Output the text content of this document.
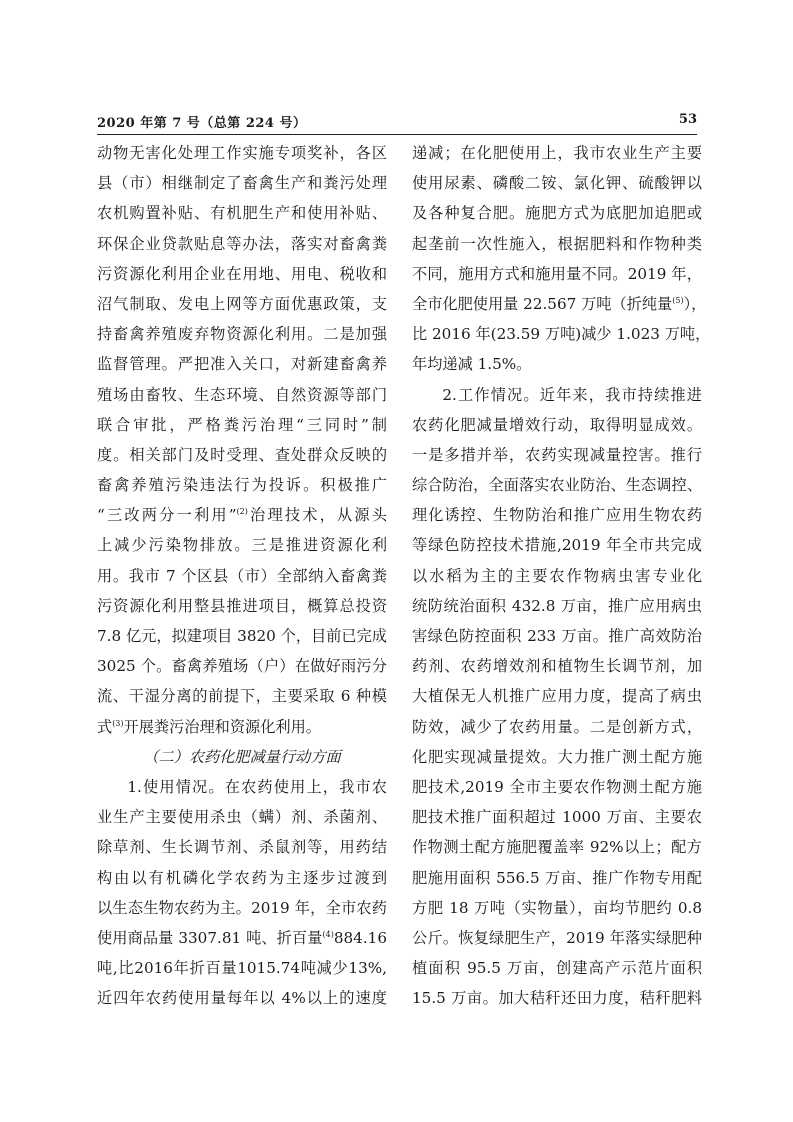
2020 年第 7 号（总第 224 号）	53
动物无害化处理工作实施专项奖补，各区
县（市）相继制定了畜禽生产和粪污处理
农机购置补贴、有机肥生产和使用补贴、
环保企业贷款贴息等办法，落实对畜禽粪
污资源化利用企业在用地、用电、税收和
沼气制取、发电上网等方面优惠政策，支
持畜禽养殖废弃物资源化利用。二是加强
监督管理。严把准入关口，对新建畜禽养
殖场由畜牧、生态环境、自然资源等部门
联合审批，严格粪污治理“三同时”制
度。相关部门及时受理、查处群众反映的
畜禽养殖污染违法行为投诉。积极推广
“三改两分一利用”$^{(2)}$治理技术，从源头
上减少污染物排放。三是推进资源化利
用。我市 7 个区县（市）全部纳入畜禽粪
污资源化利用整县推进项目，概算总投资
7.8 亿元，拟建项目 3820 个，目前已完成
3025 个。畜禽养殖场（户）在做好雨污分
流、干湿分离的前提下，主要采取 6 种模
式$^{(3)}$开展粪污治理和资源化利用。
（二）农药化肥减量行动方面
1.使用情况。在农药使用上，我市农
业生产主要使用杀虫（螨）剂、杀菌剂、
除草剂、生长调节剂、杀鼠剂等，用药结
构由以有机磷化学农药为主逐步过渡到
以生态生物农药为主。2019 年，全市农药
使用商品量 3307.81 吨、折百量$^{(4)}$884.16
吨,比2016年折百量1015.74吨减少13%,
近四年农药使用量每年以 4%以上的速度
递减；在化肥使用上，我市农业生产主要
使用尿素、磷酸二铵、氯化钾、硫酸钾以
及各种复合肥。施肥方式为底肥加追肥或
起垄前一次性施入，根据肥料和作物种类
不同，施用方式和施用量不同。2019 年，
全市化肥使用量 22.567 万吨（折纯量$^{(5)}$），
比 2016 年(23.59 万吨)减少 1.023 万吨，
年均递减 1.5%。
2.工作情况。近年来，我市持续推进
农药化肥减量增效行动，取得明显成效。
一是多措并举，农药实现减量控害。推行
综合防治，全面落实农业防治、生态调控、
理化诱控、生物防治和推广应用生物农药
等绿色防控技术措施,2019 年全市共完成
以水稻为主的主要农作物病虫害专业化
统防统治面积 432.8 万亩，推广应用病虫
害绿色防控面积 233 万亩。推广高效防治
药剂、农药增效剂和植物生长调节剂，加
大植保无人机推广应用力度，提高了病虫
防效，减少了农药用量。二是创新方式，
化肥实现减量提效。大力推广测土配方施
肥技术,2019 全市主要农作物测土配方施
肥技术推广面积超过 1000 万亩、主要农
作物测土配方施肥覆盖率 92%以上；配方
肥施用面积 556.5 万亩、推广作物专用配
方肥 18 万吨（实物量），亩均节肥约 0.8
公斤。恢复绿肥生产，2019 年落实绿肥种
植面积 95.5 万亩，创建高产示范片面积
15.5 万亩。加大秸秆还田力度，秸秆肥料
